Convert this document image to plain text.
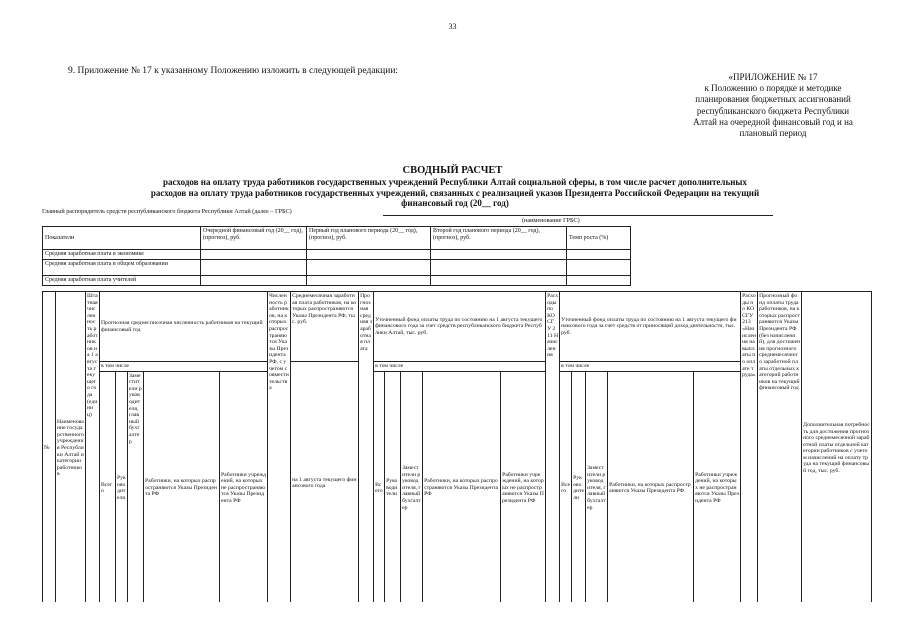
33
9. Приложение № 17 к указанному Положению изложить в следующей редакции:
«ПРИЛОЖЕНИЕ № 17
к Положению о порядке и методике планирования бюджетных ассигнований республиканского бюджета Республики Алтай на очередной финансовый год и на плановый период
СВОДНЫЙ РАСЧЕТ
расходов на оплату труда работников государственных учреждений Республики Алтай социальной сферы, в том числе расчет дополнительных расходов на оплату труда работников государственных учреждений, связанных с реализацией указов Президента Российской Федерации на текущий финансовый год (20__ год)
Главный распорядитель средств республиканского бюджета Республики Алтай (далее – ГРБС)
(наименование ГРБС)
Показатели	Очередной финансовый год (20__ год), (прогноз), руб.	Первый год планового периода (20__ год), (прогноз), руб.	Второй год планового периода (20__ год), (прогноз), руб.	Темп роста (%)
Средняя заработная плата в экономике				
Средняя заработная плата в общем образовании				
Средняя заработная плата учителей				
№	Наименование государственного учреждения Республики Алтай и категории работников	Штатная численность работников на 1 августа текущего года (единиц)	Прогнозная среднесписочная численность работников на текущий финансовый год					Численность работников, на которых распространяются Указы Президента РФ, с учетом совместительства	Среднемесячная заработная плата работников, на которых распространяются Указы Президента РФ, тыс. руб.	Прогнозная средняя заработная плата	Уточненный фонд оплаты труда по состоянию на 1 августа текущего финансового года за счет средств республиканского бюджета Республики Алтай, тыс. руб.					Расходы по КОСГУ 211 Начисления	Уточненный фонд оплаты труда по состоянию на 1 августа текущего финансового года за счет средств от приносящей доход деятельности, тыс. руб.					Расходы по КОСГУ 213 «Начисления на выплаты по оплате труда»	Прогнозный фонд оплаты труда работников, на которых распространяются Указы Президента РФ (без начислений), для достижения прогнозного среднемесячного заработной платы отдельных категорий работников на текущий финансовый год	Дополнительная потребность для достижения прогнозного среднемесячной заработной платы отдельной категории работников с учетом начислений на оплату труда на текущий финансовый год, тыс. руб.
			в том числе						на 1 августа текущего финансового года		в том числе						в том числе							
			Всего	Руководители	Заместители руководителя, главный бухгалтер	Работники, на которых распространяются Указы Президента РФ	Работники учреждений, на которых не распространяются Указы Президента РФ				Всего	Руководители	Заместители руководителя, главный бухгалтер	Работники, на которых распространяются Указы Президента РФ	Работники учреждений, на которых не распространяются Указы Президента РФ		Всего	Руководители	Заместители руководителя, главный бухгалтер	Работники, на которых распространяются Указы Президента РФ	Работники учреждений, на которых не распространяются Указы Президента РФ			
